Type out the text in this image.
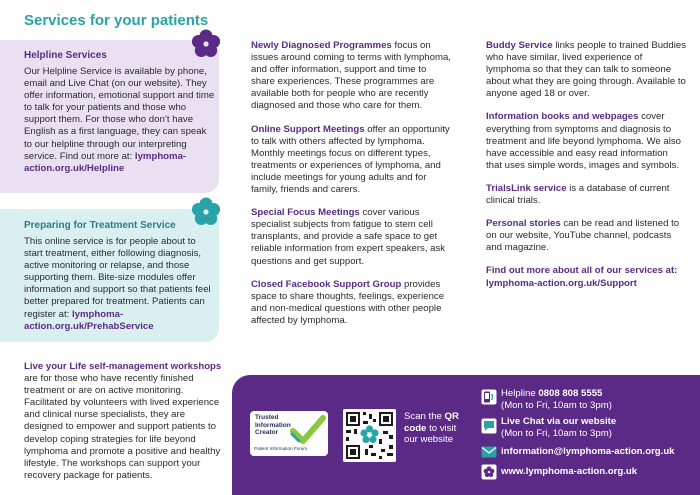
Services for your patients
Helpline Services
Our Helpline Service is available by phone, email and Live Chat (on our website). They offer information, emotional support and time to talk for your patients and those who support them. For those who don’t have English as a first language, they can speak to our helpline through our interpreting service. Find out more at: lymphoma-action.org.uk/Helpline
Preparing for Treatment Service
This online service is for people about to start treatment, either following diagnosis, active monitoring or relapse, and those supporting them. Bite-size modules offer information and support so that patients feel better prepared for treatment. Patients can register at: lymphoma-action.org.uk/PrehabService
Live your Life self-management workshops are for those who have recently finished treatment or are on active monitoring. Facilitated by volunteers with lived experience and clinical nurse specialists, they are designed to empower and support patients to develop coping strategies for life beyond lymphoma and promote a positive and healthy lifestyle. The workshops can support your recovery package for patients.

Newly Diagnosed Programmes focus on issues around coming to terms with lymphoma, and offer information, support and time to share experiences. These programmes are available both for people who are recently diagnosed and those who care for them.

Online Support Meetings offer an opportunity to talk with others affected by lymphoma. Monthly meetings focus on different types, treatments or experiences of lymphoma, and include meetings for young adults and for family, friends and carers.

Special Focus Meetings cover various specialist subjects from fatigue to stem cell transplants, and provide a safe space to get reliable information from expert speakers, ask questions and get support.

Closed Facebook Support Group provides space to share thoughts, feelings, experience and non-medical questions with other people affected by lymphoma.

Buddy Service links people to trained Buddies who have similar, lived experience of lymphoma so that they can talk to someone about what they are going through. Available to anyone aged 18 or over.

Information books and webpages cover everything from symptoms and diagnosis to treatment and life beyond lymphoma. We also have accessible and easy read information that uses simple words, images and symbols.

TrialsLink service is a database of current clinical trials.

Personal stories can be read and listened to on our website, YouTube channel, podcasts and magazine.

Find out more about all of our services at: lymphoma-action.org.uk/Support

Trusted
Information
Creator
Patient Information Forum
Scan the QR code to visit our website
Helpline 0808 808 5555
(Mon to Fri, 10am to 3pm)
Live Chat via our website
(Mon to Fri, 10am to 3pm)
information@lymphoma-action.org.uk
www.lymphoma-action.org.uk
